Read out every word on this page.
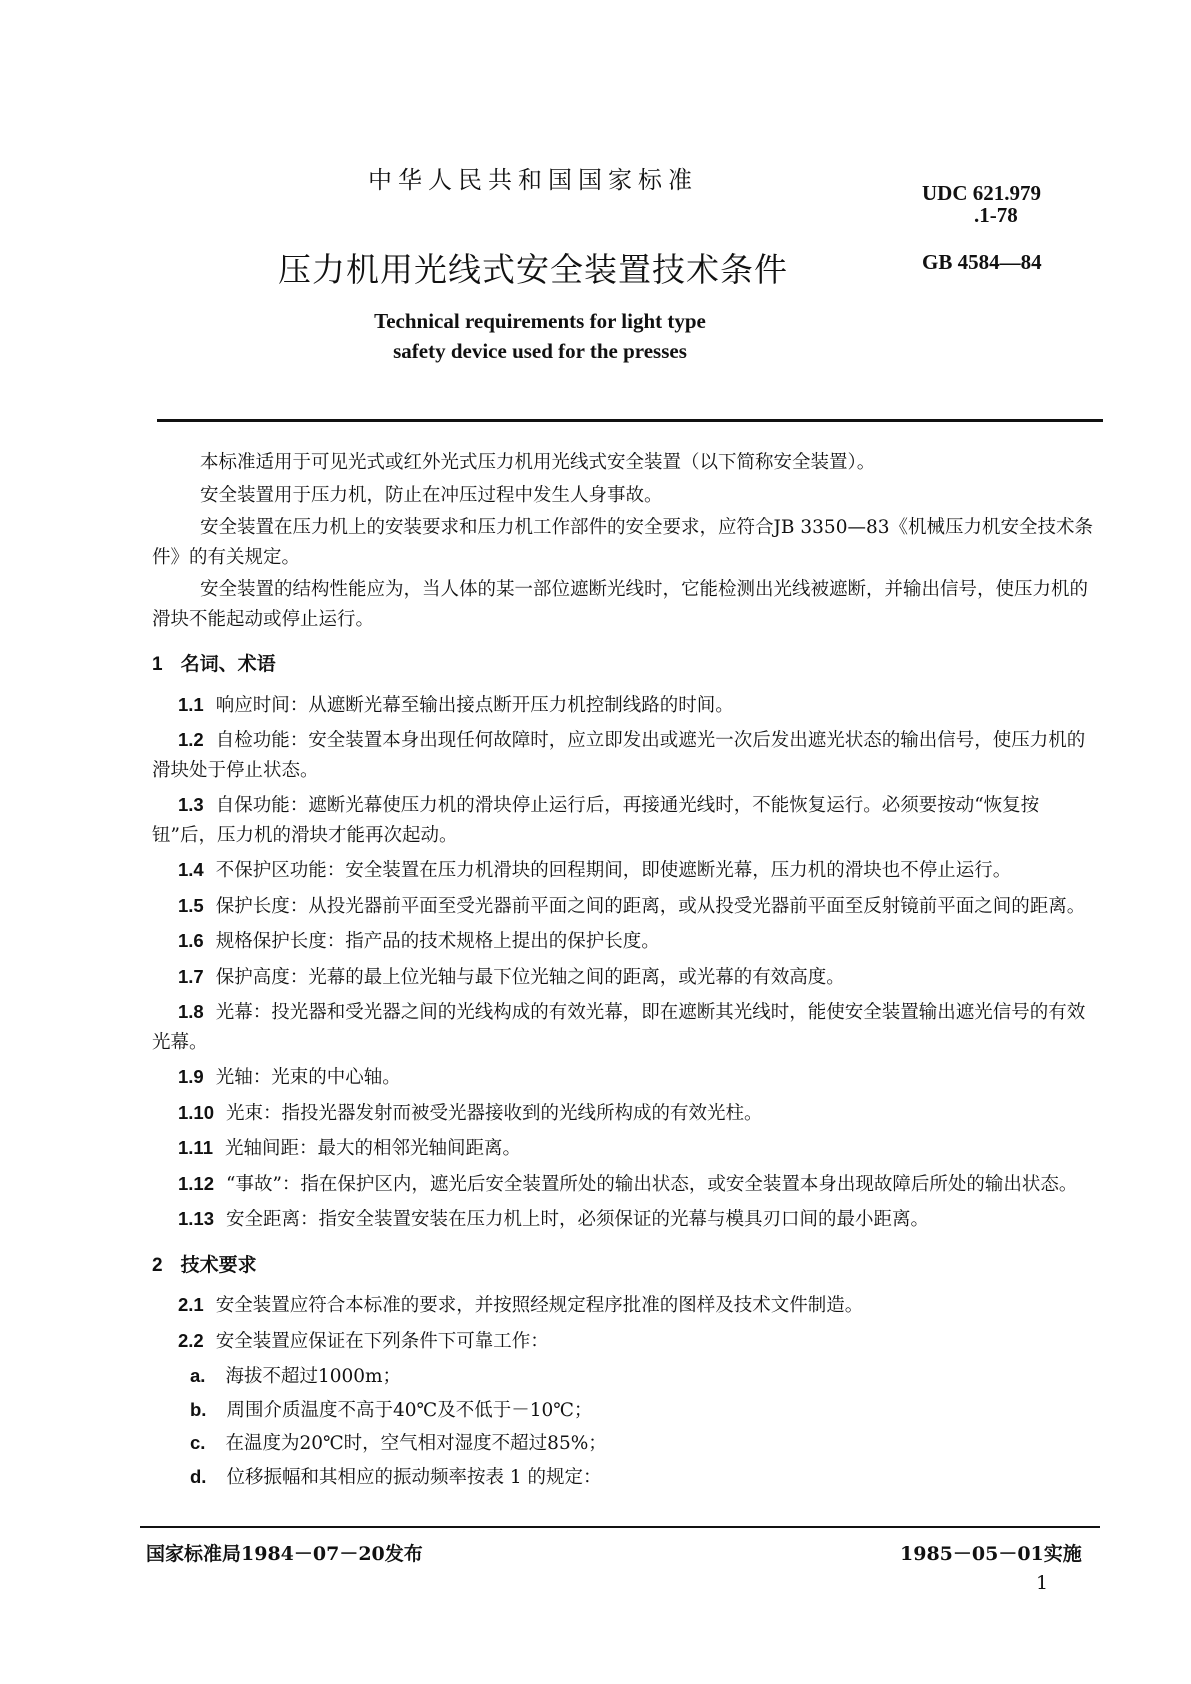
中华人民共和国国家标准	UDC 621.979
.1-78
压力机用光线式安全装置技术条件	GB 4584—84
Technical requirements for light type
safety device used for the presses

本标准适用于可见光式或红外光式压力机用光线式安全装置（以下简称安全装置）。

安全装置用于压力机，防止在冲压过程中发生人身事故。

安全装置在压力机上的安装要求和压力机工作部件的安全要求，应符合JB 3350—83《机械压力机安全技术条件》的有关规定。

安全装置的结构性能应为，当人体的某一部位遮断光线时，它能检测出光线被遮断，并输出信号，使压力机的滑块不能起动或停止运行。

1 名词、术语

1.1 响应时间：从遮断光幕至输出接点断开压力机控制线路的时间。

1.2 自检功能：安全装置本身出现任何故障时，应立即发出或遮光一次后发出遮光状态的输出信号，使压力机的滑块处于停止状态。

1.3 自保功能：遮断光幕使压力机的滑块停止运行后，再接通光线时，不能恢复运行。必须要按动“恢复按钮”后，压力机的滑块才能再次起动。

1.4 不保护区功能：安全装置在压力机滑块的回程期间，即使遮断光幕，压力机的滑块也不停止运行。

1.5 保护长度：从投光器前平面至受光器前平面之间的距离，或从投受光器前平面至反射镜前平面之间的距离。

1.6 规格保护长度：指产品的技术规格上提出的保护长度。

1.7 保护高度：光幕的最上位光轴与最下位光轴之间的距离，或光幕的有效高度。

1.8 光幕：投光器和受光器之间的光线构成的有效光幕，即在遮断其光线时，能使安全装置输出遮光信号的有效光幕。

1.9 光轴：光束的中心轴。

1.10 光束：指投光器发射而被受光器接收到的光线所构成的有效光柱。

1.11 光轴间距：最大的相邻光轴间距离。

1.12 “事故”：指在保护区内，遮光后安全装置所处的输出状态，或安全装置本身出现故障后所处的输出状态。

1.13 安全距离：指安全装置安装在压力机上时，必须保证的光幕与模具刃口间的最小距离。

2 技术要求

2.1 安全装置应符合本标准的要求，并按照经规定程序批准的图样及技术文件制造。

2.2 安全装置应保证在下列条件下可靠工作：

a. 海拔不超过1000m；

b. 周围介质温度不高于40℃及不低于－10℃；

c. 在温度为20℃时，空气相对湿度不超过85%；

d. 位移振幅和其相应的振动频率按表 1 的规定：

国家标准局1984－07－20发布	1985－05－01实施
1
